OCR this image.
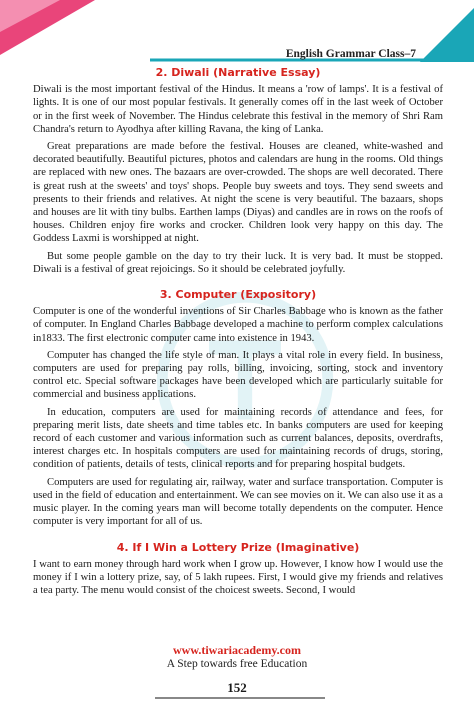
English Grammar Class–7
2. Diwali (Narrative Essay)

Diwali is the most important festival of the Hindus. It means a 'row of lamps'. It is a festival of lights. It is one of our most popular festivals. It generally comes off in the last week of October or in the first week of November. The Hindus celebrate this festival in the memory of Shri Ram Chandra's return to Ayodhya after killing Ravana, the king of Lanka.

Great preparations are made before the festival. Houses are cleaned, white-washed and decorated beautifully. Beautiful pictures, photos and calendars are hung in the rooms. Old things are replaced with new ones. The bazaars are over-crowded. The shops are well decorated. There is great rush at the sweets' and toys' shops. People buy sweets and toys. They send sweets and presents to their friends and relatives. At night the scene is very beautiful. The bazaars, shops and houses are lit with tiny bulbs. Earthen lamps (Diyas) and candles are in rows on the roofs of houses. Children enjoy fire works and crocker. Children look very happy on this day. The Goddess Laxmi is worshipped at night.

But some people gamble on the day to try their luck. It is very bad. It must be stopped. Diwali is a festival of great rejoicings. So it should be celebrated joyfully.

3. Computer (Expository)

Computer is one of the wonderful inventions of Sir Charles Babbage who is known as the father of computer. In England Charles Babbage developed a machine to perform complex calculations in1833. The first electronic computer came into existence in 1943.

Computer has changed the life style of man. It plays a vital role in every field. In business, computers are used for preparing pay rolls, billing, invoicing, sorting, stock and inventory control etc. Special software packages have been developed which are particularly suitable for commercial and business applications.

In education, computers are used for maintaining records of attendance and fees, for preparing merit lists, date sheets and time tables etc. In banks computers are used for keeping record of each customer and various information such as current balances, deposits, overdrafts, interest charges etc. In hospitals computers are used for maintaining records of drugs, storing, condition of patients, details of tests, clinical reports and for preparing hospital budgets.

Computers are used for regulating air, railway, water and surface transportation. Computer is used in the field of education and entertainment. We can see movies on it. We can also use it as a music player. In the coming years man will become totally dependents on the computer. Hence computer is very important for all of us.

4. If I Win a Lottery Prize (Imaginative)

I want to earn money through hard work when I grow up. However, I know how I would use the money if I win a lottery prize, say, of 5 lakh rupees. First, I would give my friends and relatives a tea party. The menu would consist of the choicest sweets. Second, I would

www.tiwariacademy.com
A Step towards free Education
152
